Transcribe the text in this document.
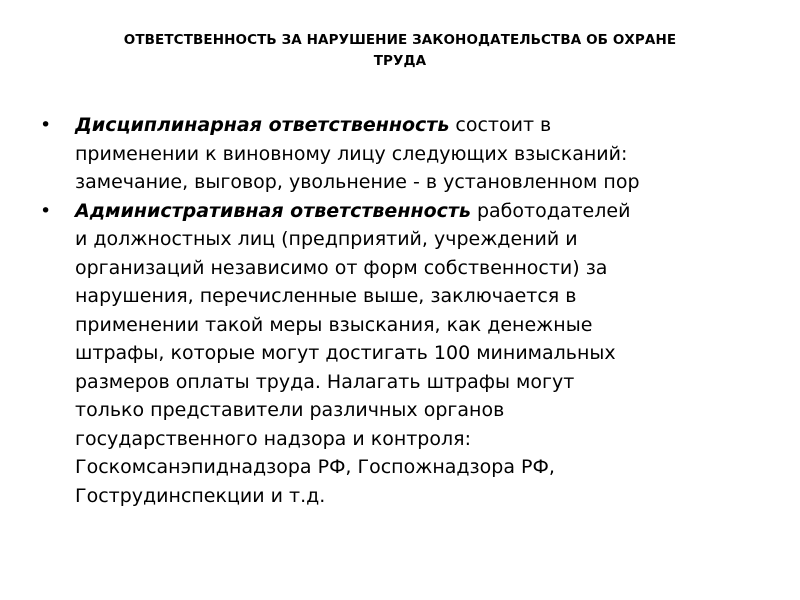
ОТВЕТСТВЕННОСТЬ ЗА НАРУШЕНИЕ ЗАКОНОДАТЕЛЬСТВА ОБ ОХРАНЕ
ТРУДА
• Дисциплинарная ответственность состоит в
применении к виновному лицу следующих взысканий:
замечание, выговор, увольнение - в установленном пор
• Административная ответственность работодателей
и должностных лиц (предприятий, учреждений и
организаций независимо от форм собственности) за
нарушения, перечисленные выше, заключается в
применении такой меры взыскания, как денежные
штрафы, которые могут достигать 100 минимальных
размеров оплаты труда. Налагать штрафы могут
только представители различных органов
государственного надзора и контроля:
Госкомсанэпиднадзора РФ, Госпожнадзора РФ,
Гострудинспекции и т.д.
